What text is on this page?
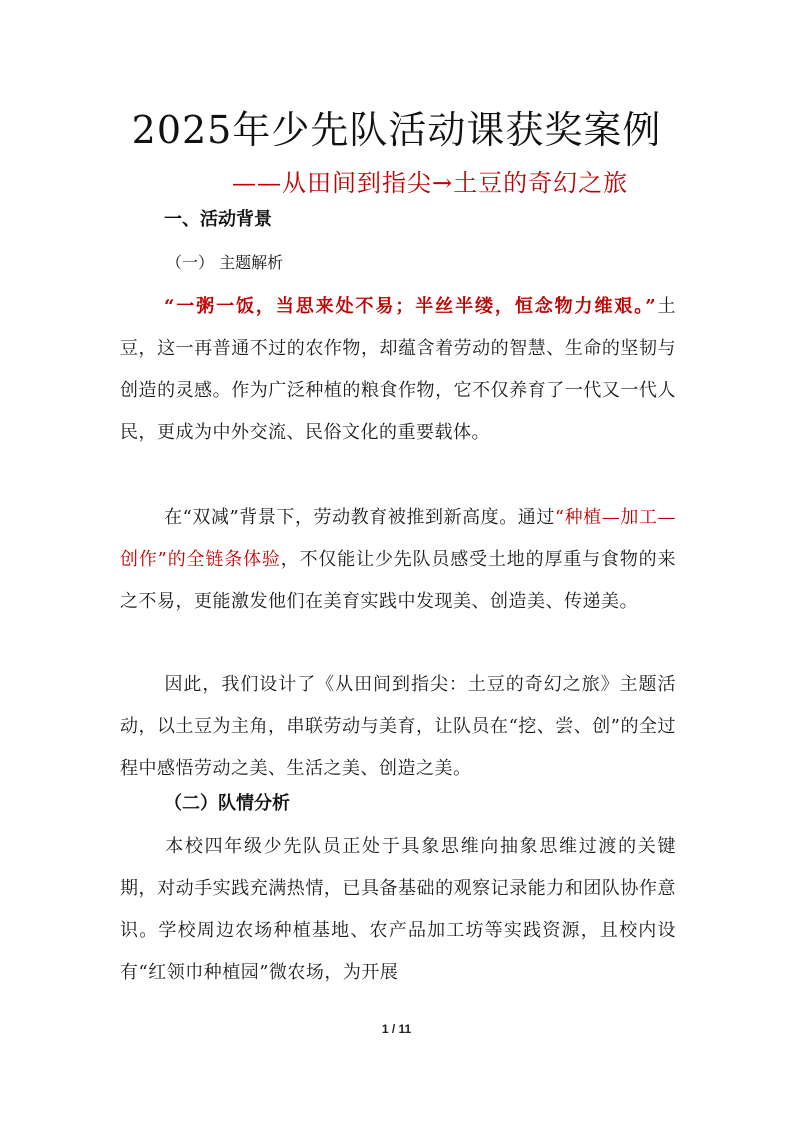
2025年少先队活动课获奖案例
——从田间到指尖→土豆的奇幻之旅
一、活动背景
（一） 主题解析
“一粥一饭，当思来处不易；半丝半缕，恒念物力维艰。”土豆，这一再普通不过的农作物，却蕴含着劳动的智慧、生命的坚韧与创造的灵感。作为广泛种植的粮食作物，它不仅养育了一代又一代人民，更成为中外交流、民俗文化的重要载体。
在“双减”背景下，劳动教育被推到新高度。通过“种植—加工—创作”的全链条体验，不仅能让少先队员感受土地的厚重与食物的来之不易，更能激发他们在美育实践中发现美、创造美、传递美。
因此，我们设计了《从田间到指尖：土豆的奇幻之旅》主题活动，以土豆为主角，串联劳动与美育，让队员在“挖、尝、创”的全过程中感悟劳动之美、生活之美、创造之美。
（二）队情分析
本校四年级少先队员正处于具象思维向抽象思维过渡的关键期，对动手实践充满热情，已具备基础的观察记录能力和团队协作意识。学校周边农场种植基地、农产品加工坊等实践资源，且校内设有“红领巾种植园”微农场，为开展
1 / 11
